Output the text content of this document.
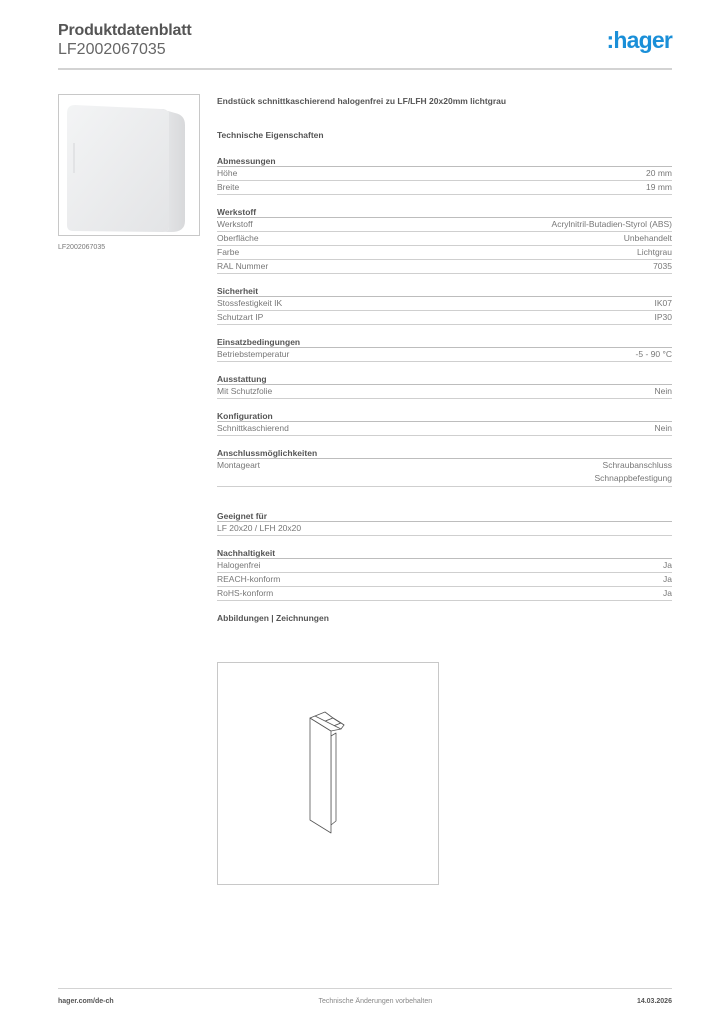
Produktdatenblatt
LF2002067035	:hager
LF2002067035
Endstück schnittkaschierend halogenfrei zu LF/LFH 20x20mm lichtgrau
Technische Eigenschaften
Abmessungen
Höhe	20 mm
Breite	19 mm
Werkstoff
Werkstoff	Acrylnitril-Butadien-Styrol (ABS)
Oberfläche	Unbehandelt
Farbe	Lichtgrau
RAL Nummer	7035
Sicherheit
Stossfestigkeit IK	IK07
Schutzart IP	IP30
Einsatzbedingungen
Betriebstemperatur	-5 - 90 °C
Ausstattung
Mit Schutzfolie	Nein
Konfiguration
Schnittkaschierend	Nein
Anschlussmöglichkeiten
Montageart	Schraubanschluss
Schnappbefestigung
Geeignet für
LF 20x20 / LFH 20x20
Nachhaltigkeit
Halogenfrei	Ja
REACH-konform	Ja
RoHS-konform	Ja
Abbildungen | Zeichnungen
hager.com/de-ch	Technische Änderungen vorbehalten	14.03.2026
